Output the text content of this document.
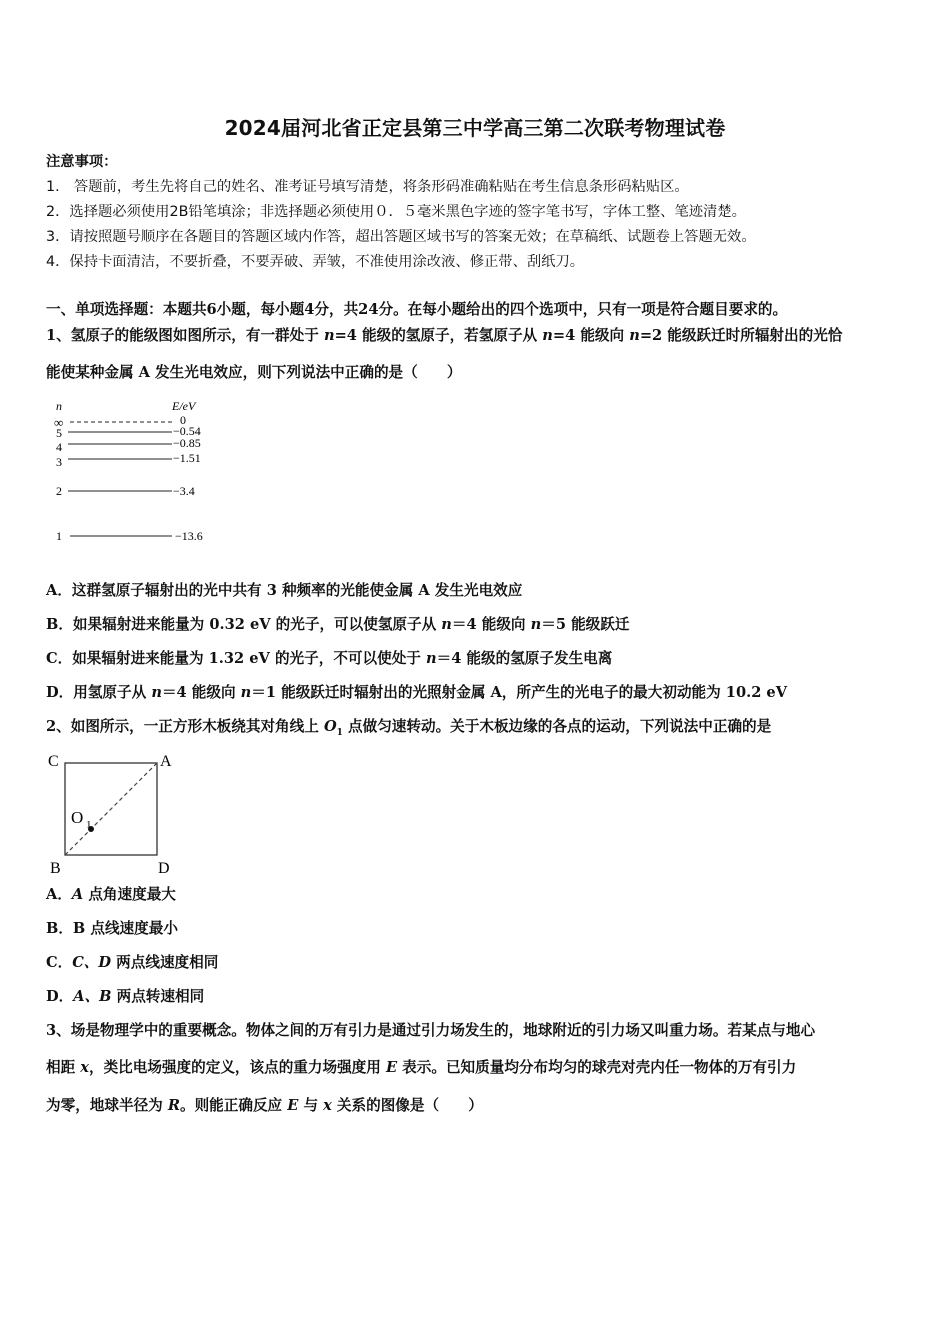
2024届河北省正定县第三中学高三第二次联考物理试卷
注意事项：
1.　答题前，考生先将自己的姓名、准考证号填写清楚，将条形码准确粘贴在考生信息条形码粘贴区。
2．选择题必须使用2B铅笔填涂；非选择题必须使用０．５毫米黑色字迹的签字笔书写，字体工整、笔迹清楚。
3．请按照题号顺序在各题目的答题区域内作答，超出答题区域书写的答案无效；在草稿纸、试题卷上答题无效。
4．保持卡面清洁，不要折叠，不要弄破、弄皱，不准使用涂改液、修正带、刮纸刀。
一、单项选择题：本题共6小题，每小题4分，共24分。在每小题给出的四个选项中，只有一项是符合题目要求的。
1、氢原子的能级图如图所示，有一群处于 n=4 能级的氢原子，若氢原子从 n=4 能级向 n=2 能级跃迁时所辐射出的光恰
能使某种金属 A 发生光电效应，则下列说法中正确的是（　　）
n	E/eV
∞	0
5	−0.54
4	−0.85
3	−1.51
2	−3.4
1	−13.6
A．这群氢原子辐射出的光中共有 3 种频率的光能使金属 A 发生光电效应
B．如果辐射进来能量为 0.32 eV 的光子，可以使氢原子从 n＝4 能级向 n＝5 能级跃迁
C．如果辐射进来能量为 1.32 eV 的光子，不可以使处于 n＝4 能级的氢原子发生电离
D．用氢原子从 n＝4 能级向 n＝1 能级跃迁时辐射出的光照射金属 A，所产生的光电子的最大初动能为 10.2 eV
2、如图所示，一正方形木板绕其对角线上 $O_1$ 点做匀速转动。关于木板边缘的各点的运动，下列说法中正确的是
C	A
B	D
O 1
A．A 点角速度最大
B．B 点线速度最小
C．C、D 两点线速度相同
D．A、B 两点转速相同
3、场是物理学中的重要概念。物体之间的万有引力是通过引力场发生的，地球附近的引力场又叫重力场。若某点与地心
相距 x，类比电场强度的定义，该点的重力场强度用 E 表示。已知质量均分布均匀的球壳对壳内任一物体的万有引力
为零，地球半径为 R。则能正确反应 E 与 x 关系的图像是（　　）
